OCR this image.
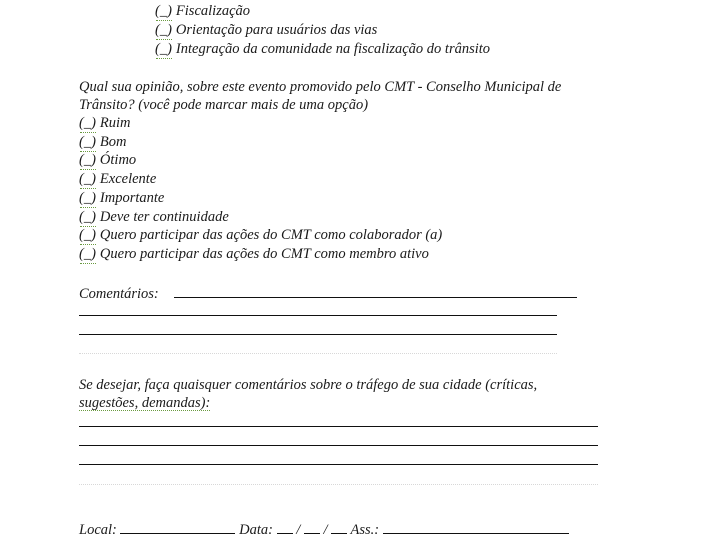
(_) Fiscalização
(_) Orientação para usuários das vias
(_) Integração da comunidade na fiscalização do trânsito
Qual sua opinião, sobre este evento promovido pelo CMT - Conselho Municipal de
Trânsito? (você pode marcar mais de uma opção)
(_) Ruim
(_) Bom
(_) Ótimo
(_) Excelente
(_) Importante
(_) Deve ter continuidade
(_) Quero participar das ações do CMT como colaborador (a)
(_) Quero participar das ações do CMT como membro ativo
Comentários:
Se desejar, faça quaisquer comentários sobre o tráfego de sua cidade (críticas,
sugestões, demandas):
Local:	Data: / / Ass.:
